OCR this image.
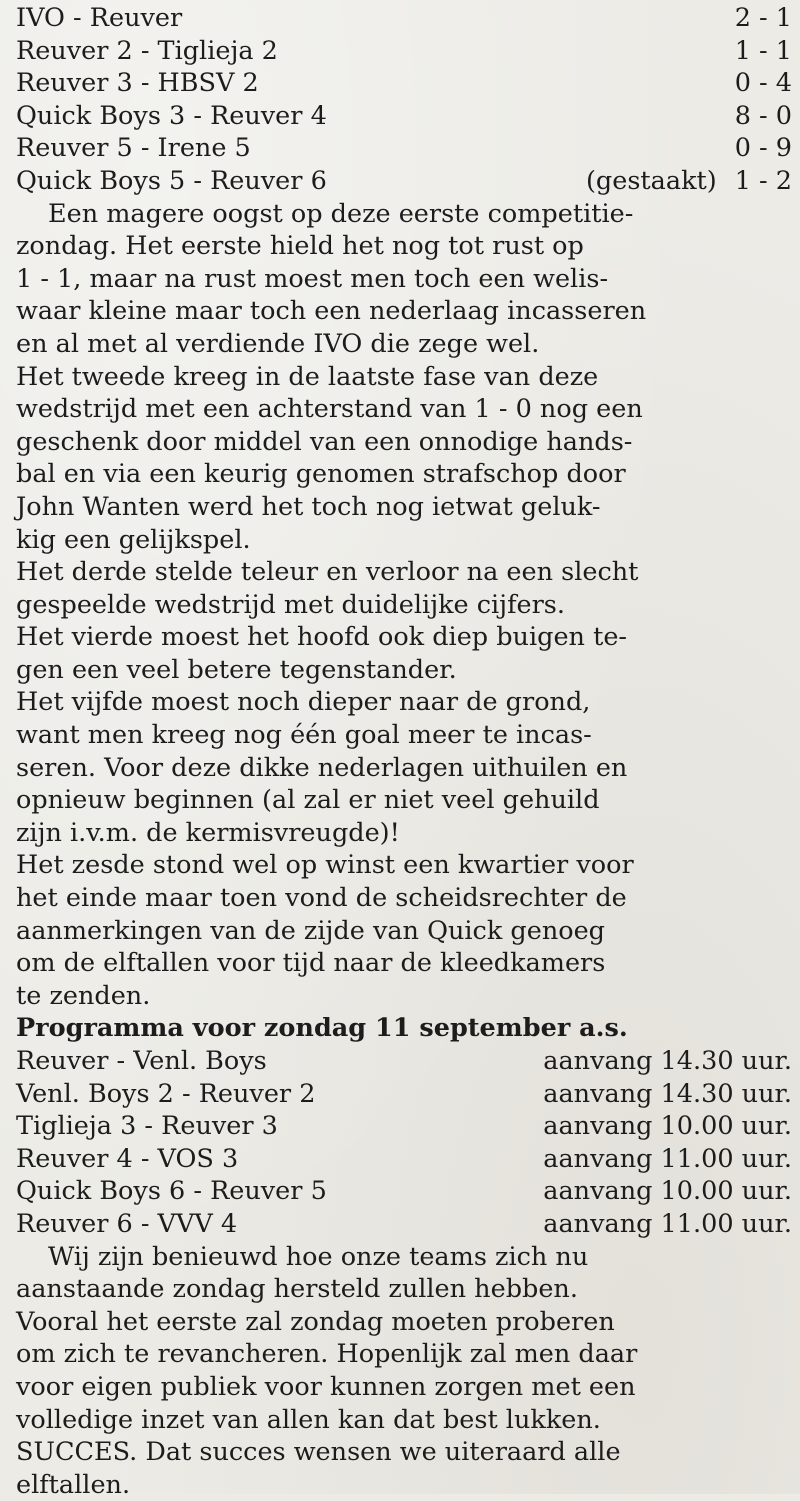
IVO - Reuver	2 - 1
Reuver 2 - Tiglieja 2	1 - 1
Reuver 3 - HBSV 2	0 - 4
Quick Boys 3 - Reuver 4	8 - 0
Reuver 5 - Irene 5	0 - 9
Quick Boys 5 - Reuver 6	(gestaakt) 1 - 2
Een magere oogst op deze eerste competitie-
zondag. Het eerste hield het nog tot rust op
1 - 1, maar na rust moest men toch een welis-
waar kleine maar toch een nederlaag incasseren
en al met al verdiende IVO die zege wel.
Het tweede kreeg in de laatste fase van deze
wedstrijd met een achterstand van 1 - 0 nog een
geschenk door middel van een onnodige hands-
bal en via een keurig genomen strafschop door
John Wanten werd het toch nog ietwat geluk-
kig een gelijkspel.
Het derde stelde teleur en verloor na een slecht
gespeelde wedstrijd met duidelijke cijfers.
Het vierde moest het hoofd ook diep buigen te-
gen een veel betere tegenstander.
Het vijfde moest noch dieper naar de grond,
want men kreeg nog één goal meer te incas-
seren. Voor deze dikke nederlagen uithuilen en
opnieuw beginnen (al zal er niet veel gehuild
zijn i.v.m. de kermisvreugde)!
Het zesde stond wel op winst een kwartier voor
het einde maar toen vond de scheidsrechter de
aanmerkingen van de zijde van Quick genoeg
om de elftallen voor tijd naar de kleedkamers
te zenden.
Programma voor zondag 11 september a.s.
Reuver - Venl. Boys	aanvang 14.30 uur.
Venl. Boys 2 - Reuver 2	aanvang 14.30 uur.
Tiglieja 3 - Reuver 3	aanvang 10.00 uur.
Reuver 4 - VOS 3	aanvang 11.00 uur.
Quick Boys 6 - Reuver 5	aanvang 10.00 uur.
Reuver 6 - VVV 4	aanvang 11.00 uur.
Wij zijn benieuwd hoe onze teams zich nu
aanstaande zondag hersteld zullen hebben.
Vooral het eerste zal zondag moeten proberen
om zich te revancheren. Hopenlijk zal men daar
voor eigen publiek voor kunnen zorgen met een
volledige inzet van allen kan dat best lukken.
SUCCES. Dat succes wensen we uiteraard alle
elftallen.
